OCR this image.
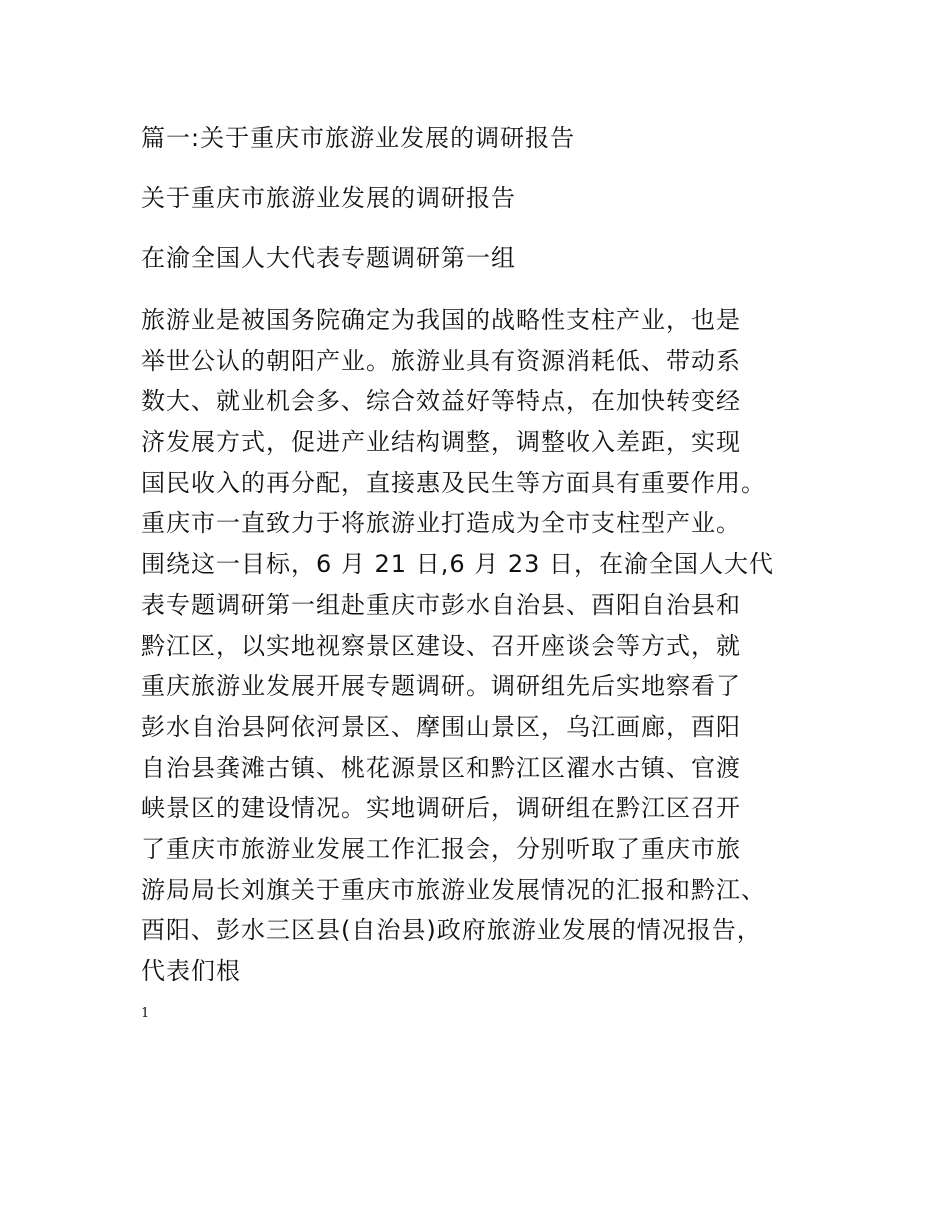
篇一:关于重庆市旅游业发展的调研报告
关于重庆市旅游业发展的调研报告
在渝全国人大代表专题调研第一组
旅游业是被国务院确定为我国的战略性支柱产业，也是
举世公认的朝阳产业。旅游业具有资源消耗低、带动系
数大、就业机会多、综合效益好等特点，在加快转变经
济发展方式，促进产业结构调整，调整收入差距，实现
国民收入的再分配，直接惠及民生等方面具有重要作用。
重庆市一直致力于将旅游业打造成为全市支柱型产业。
围绕这一目标，6 月 21 日,6 月 23 日，在渝全国人大代
表专题调研第一组赴重庆市彭水自治县、酉阳自治县和
黔江区，以实地视察景区建设、召开座谈会等方式，就
重庆旅游业发展开展专题调研。调研组先后实地察看了
彭水自治县阿依河景区、摩围山景区，乌江画廊，酉阳
自治县龚滩古镇、桃花源景区和黔江区濯水古镇、官渡
峡景区的建设情况。实地调研后，调研组在黔江区召开
了重庆市旅游业发展工作汇报会，分别听取了重庆市旅
游局局长刘旗关于重庆市旅游业发展情况的汇报和黔江、
酉阳、彭水三区县(自治县)政府旅游业发展的情况报告，
代表们根
1
